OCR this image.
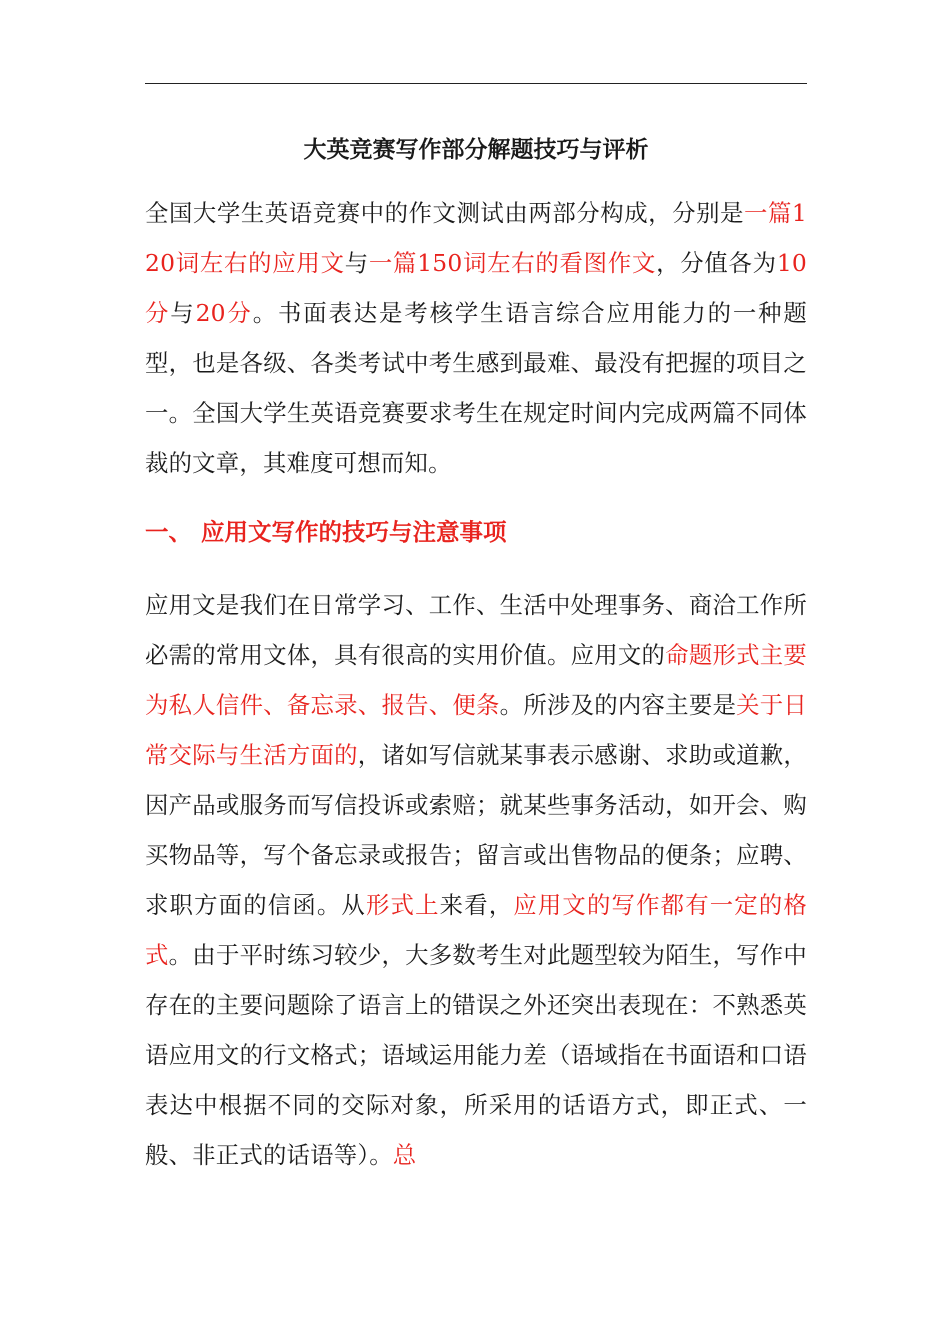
大英竞赛写作部分解题技巧与评析

全国大学生英语竞赛中的作文测试由两部分构成，分别是一篇120词左右的应用文与一篇150词左右的看图作文，分值各为10分与20分。书面表达是考核学生语言综合应用能力的一种题型，也是各级、各类考试中考生感到最难、最没有把握的项目之一。全国大学生英语竞赛要求考生在规定时间内完成两篇不同体裁的文章，其难度可想而知。

一、 应用文写作的技巧与注意事项

应用文是我们在日常学习、工作、生活中处理事务、商洽工作所必需的常用文体，具有很高的实用价值。应用文的命题形式主要为私人信件、备忘录、报告、便条。所涉及的内容主要是关于日常交际与生活方面的，诸如写信就某事表示感谢、求助或道歉，因产品或服务而写信投诉或索赔；就某些事务活动，如开会、购买物品等，写个备忘录或报告；留言或出售物品的便条；应聘、求职方面的信函。从形式上来看，应用文的写作都有一定的格式。由于平时练习较少，大多数考生对此题型较为陌生，写作中存在的主要问题除了语言上的错误之外还突出表现在：不熟悉英语应用文的行文格式；语域运用能力差（语域指在书面语和口语表达中根据不同的交际对象，所采用的话语方式，即正式、一般、非正式的话语等）。总
